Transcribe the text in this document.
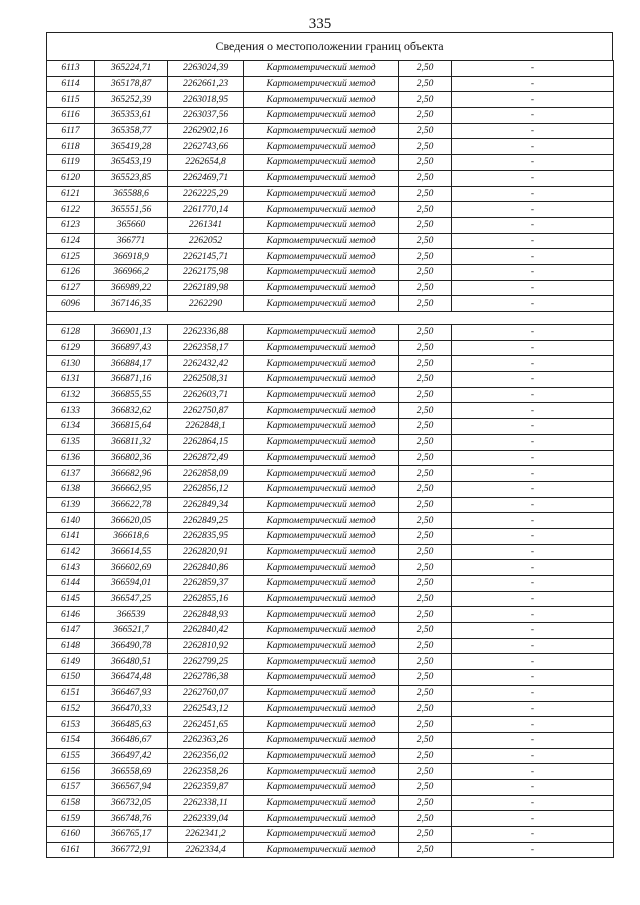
335
Сведения о местоположении границ объекта
6113	365224,71	2263024,39	Картометрический метод	2,50	-
6114	365178,87	2262661,23	Картометрический метод	2,50	-
6115	365252,39	2263018,95	Картометрический метод	2,50	-
6116	365353,61	2263037,56	Картометрический метод	2,50	-
6117	365358,77	2262902,16	Картометрический метод	2,50	-
6118	365419,28	2262743,66	Картометрический метод	2,50	-
6119	365453,19	2262654,8	Картометрический метод	2,50	-
6120	365523,85	2262469,71	Картометрический метод	2,50	-
6121	365588,6	2262225,29	Картометрический метод	2,50	-
6122	365551,56	2261770,14	Картометрический метод	2,50	-
6123	365660	2261341	Картометрический метод	2,50	-
6124	366771	2262052	Картометрический метод	2,50	-
6125	366918,9	2262145,71	Картометрический метод	2,50	-
6126	366966,2	2262175,98	Картометрический метод	2,50	-
6127	366989,22	2262189,98	Картометрический метод	2,50	-
6096	367146,35	2262290	Картометрический метод	2,50	-

6128	366901,13	2262336,88	Картометрический метод	2,50	-
6129	366897,43	2262358,17	Картометрический метод	2,50	-
6130	366884,17	2262432,42	Картометрический метод	2,50	-
6131	366871,16	2262508,31	Картометрический метод	2,50	-
6132	366855,55	2262603,71	Картометрический метод	2,50	-
6133	366832,62	2262750,87	Картометрический метод	2,50	-
6134	366815,64	2262848,1	Картометрический метод	2,50	-
6135	366811,32	2262864,15	Картометрический метод	2,50	-
6136	366802,36	2262872,49	Картометрический метод	2,50	-
6137	366682,96	2262858,09	Картометрический метод	2,50	-
6138	366662,95	2262856,12	Картометрический метод	2,50	-
6139	366622,78	2262849,34	Картометрический метод	2,50	-
6140	366620,05	2262849,25	Картометрический метод	2,50	-
6141	366618,6	2262835,95	Картометрический метод	2,50	-
6142	366614,55	2262820,91	Картометрический метод	2,50	-
6143	366602,69	2262840,86	Картометрический метод	2,50	-
6144	366594,01	2262859,37	Картометрический метод	2,50	-
6145	366547,25	2262855,16	Картометрический метод	2,50	-
6146	366539	2262848,93	Картометрический метод	2,50	-
6147	366521,7	2262840,42	Картометрический метод	2,50	-
6148	366490,78	2262810,92	Картометрический метод	2,50	-
6149	366480,51	2262799,25	Картометрический метод	2,50	-
6150	366474,48	2262786,38	Картометрический метод	2,50	-
6151	366467,93	2262760,07	Картометрический метод	2,50	-
6152	366470,33	2262543,12	Картометрический метод	2,50	-
6153	366485,63	2262451,65	Картометрический метод	2,50	-
6154	366486,67	2262363,26	Картометрический метод	2,50	-
6155	366497,42	2262356,02	Картометрический метод	2,50	-
6156	366558,69	2262358,26	Картометрический метод	2,50	-
6157	366567,94	2262359,87	Картометрический метод	2,50	-
6158	366732,05	2262338,11	Картометрический метод	2,50	-
6159	366748,76	2262339,04	Картометрический метод	2,50	-
6160	366765,17	2262341,2	Картометрический метод	2,50	-
6161	366772,91	2262334,4	Картометрический метод	2,50	-
